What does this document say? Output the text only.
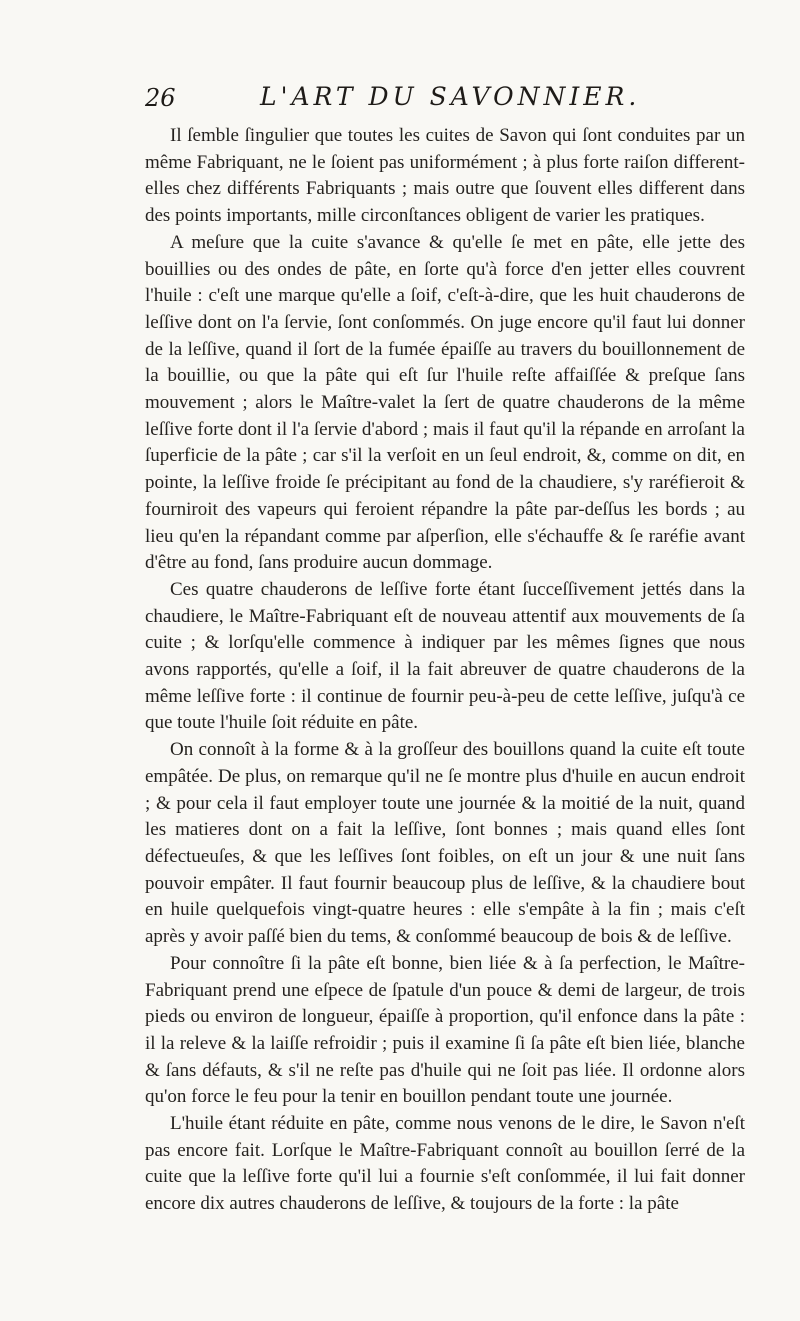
26	L'ART DU SAVONNIER.

Il ſemble ſingulier que toutes les cuites de Savon qui ſont conduites par un même Fabriquant, ne le ſoient pas uniformément ; à plus forte raiſon different-elles chez différents Fabriquants ; mais outre que ſouvent elles different dans des points importants, mille circonſtances obligent de varier les pratiques.

A meſure que la cuite s'avance & qu'elle ſe met en pâte, elle jette des bouillies ou des ondes de pâte, en ſorte qu'à force d'en jetter elles couvrent l'huile : c'eſt une marque qu'elle a ſoif, c'eſt-à-dire, que les huit chauderons de leſſive dont on l'a ſervie, ſont conſommés. On juge encore qu'il faut lui donner de la leſſive, quand il ſort de la fumée épaiſſe au travers du bouillonnement de la bouillie, ou que la pâte qui eſt ſur l'huile reſte affaiſſée & preſque ſans mouvement ; alors le Maître-valet la ſert de quatre chauderons de la même leſſive forte dont il l'a ſervie d'abord ; mais il faut qu'il la répande en arroſant la ſuperficie de la pâte ; car s'il la verſoit en un ſeul endroit, &, comme on dit, en pointe, la leſſive froide ſe précipitant au fond de la chaudiere, s'y raréfieroit & fourniroit des vapeurs qui feroient répandre la pâte par-deſſus les bords ; au lieu qu'en la répandant comme par aſperſion, elle s'échauffe & ſe raréfie avant d'être au fond, ſans produire aucun dommage.

Ces quatre chauderons de leſſive forte étant ſucceſſivement jettés dans la chaudiere, le Maître-Fabriquant eſt de nouveau attentif aux mouvements de ſa cuite ; & lorſqu'elle commence à indiquer par les mêmes ſignes que nous avons rapportés, qu'elle a ſoif, il la fait abreuver de quatre chauderons de la même leſſive forte : il continue de fournir peu-à-peu de cette leſſive, juſqu'à ce que toute l'huile ſoit réduite en pâte.

On connoît à la forme & à la groſſeur des bouillons quand la cuite eſt toute empâtée. De plus, on remarque qu'il ne ſe montre plus d'huile en aucun endroit ; & pour cela il faut employer toute une journée & la moitié de la nuit, quand les matieres dont on a fait la leſſive, ſont bonnes ; mais quand elles ſont défectueuſes, & que les leſſives ſont foibles, on eſt un jour & une nuit ſans pouvoir empâter. Il faut fournir beaucoup plus de leſſive, & la chaudiere bout en huile quelquefois vingt-quatre heures : elle s'empâte à la fin ; mais c'eſt après y avoir paſſé bien du tems, & conſommé beaucoup de bois & de leſſive.

Pour connoître ſi la pâte eſt bonne, bien liée & à ſa perfection, le Maître-Fabriquant prend une eſpece de ſpatule d'un pouce & demi de largeur, de trois pieds ou environ de longueur, épaiſſe à proportion, qu'il enfonce dans la pâte : il la releve & la laiſſe refroidir ; puis il examine ſi ſa pâte eſt bien liée, blanche & ſans défauts, & s'il ne reſte pas d'huile qui ne ſoit pas liée. Il ordonne alors qu'on force le feu pour la tenir en bouillon pendant toute une journée.

L'huile étant réduite en pâte, comme nous venons de le dire, le Savon n'eſt pas encore fait. Lorſque le Maître-Fabriquant connoît au bouillon ſerré de la cuite que la leſſive forte qu'il lui a fournie s'eſt conſommée, il lui fait donner encore dix autres chauderons de leſſive, & toujours de la forte : la pâte
